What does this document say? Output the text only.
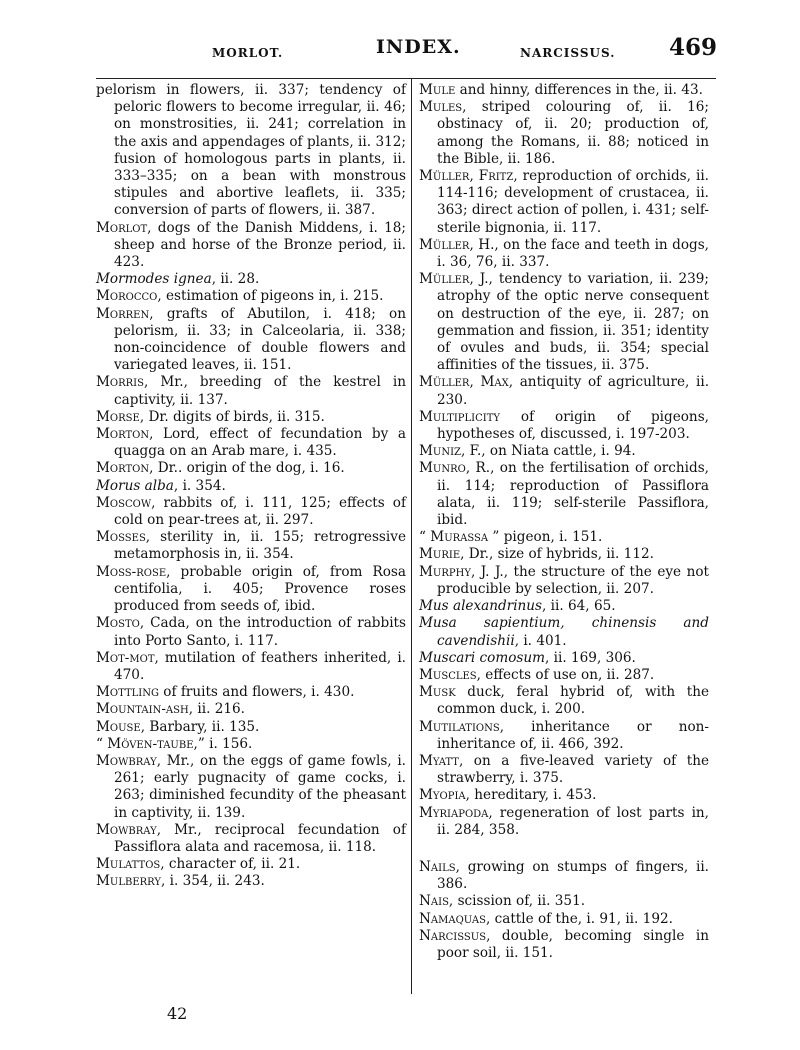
MORLOT.	INDEX.	NARCISSUS. 469

pelorism in flowers, ii. 337; tendency of peloric flowers to become irregular, ii. 46; on monstrosities, ii. 241; correlation in the axis and appendages of plants, ii. 312; fusion of homologous parts in plants, ii. 333–335; on a bean with monstrous stipules and abortive leaflets, ii. 335; conversion of parts of flowers, ii. 387.

Morlot, dogs of the Danish Middens, i. 18; sheep and horse of the Bronze period, ii. 423.

Mormodes ignea, ii. 28.

Morocco, estimation of pigeons in, i. 215.

Morren, grafts of Abutilon, i. 418; on pelorism, ii. 33; in Calceolaria, ii. 338; non-coincidence of double flowers and variegated leaves, ii. 151.

Morris, Mr., breeding of the kestrel in captivity, ii. 137.

Morse, Dr. digits of birds, ii. 315.

Morton, Lord, effect of fecundation by a quagga on an Arab mare, i. 435.

Morton, Dr.. origin of the dog, i. 16.

Morus alba, i. 354.

Moscow, rabbits of, i. 111, 125; effects of cold on pear-trees at, ii. 297.

Mosses, sterility in, ii. 155; retrogressive metamorphosis in, ii. 354.

Moss-rose, probable origin of, from Rosa centifolia, i. 405; Provence roses produced from seeds of, ibid.

Mosto, Cada, on the introduction of rabbits into Porto Santo, i. 117.

Mot-mot, mutilation of feathers inherited, i. 470.

Mottling of fruits and flowers, i. 430.

Mountain-ash, ii. 216.

Mouse, Barbary, ii. 135.

“ Möven-taube,” i. 156.

Mowbray, Mr., on the eggs of game fowls, i. 261; early pugnacity of game cocks, i. 263; diminished fecundity of the pheasant in captivity, ii. 139.

Mowbray, Mr., reciprocal fecundation of Passiflora alata and racemosa, ii. 118.

Mulattos, character of, ii. 21.

Mulberry, i. 354, ii. 243.

Mule and hinny, differences in the, ii. 43.

Mules, striped colouring of, ii. 16; obstinacy of, ii. 20; production of, among the Romans, ii. 88; noticed in the Bible, ii. 186.

Müller, Fritz, reproduction of orchids, ii. 114-116; development of crustacea, ii. 363; direct action of pollen, i. 431; self-sterile bignonia, ii. 117.

Müller, H., on the face and teeth in dogs, i. 36, 76, ii. 337.

Müller, J., tendency to variation, ii. 239; atrophy of the optic nerve consequent on destruction of the eye, ii. 287; on gemmation and fission, ii. 351; identity of ovules and buds, ii. 354; special affinities of the tissues, ii. 375.

Müller, Max, antiquity of agriculture, ii. 230.

Multiplicity of origin of pigeons, hypotheses of, discussed, i. 197-203.

Muniz, F., on Niata cattle, i. 94.

Munro, R., on the fertilisation of orchids, ii. 114; reproduction of Passiflora alata, ii. 119; self-sterile Passiflora, ibid.

“ Murassa ” pigeon, i. 151.

Murie, Dr., size of hybrids, ii. 112.

Murphy, J. J., the structure of the eye not producible by selection, ii. 207.

Mus alexandrinus, ii. 64, 65.

Musa sapientium, chinensis and cavendishii, i. 401.

Muscari comosum, ii. 169, 306.

Muscles, effects of use on, ii. 287.

Musk duck, feral hybrid of, with the common duck, i. 200.

Mutilations, inheritance or non-inheritance of, ii. 466, 392.

Myatt, on a five-leaved variety of the strawberry, i. 375.

Myopia, hereditary, i. 453.

Myriapoda, regeneration of lost parts in, ii. 284, 358.

Nails, growing on stumps of fingers, ii. 386.

Nais, scission of, ii. 351.

Namaquas, cattle of the, i. 91, ii. 192.

Narcissus, double, becoming single in poor soil, ii. 151.

42
